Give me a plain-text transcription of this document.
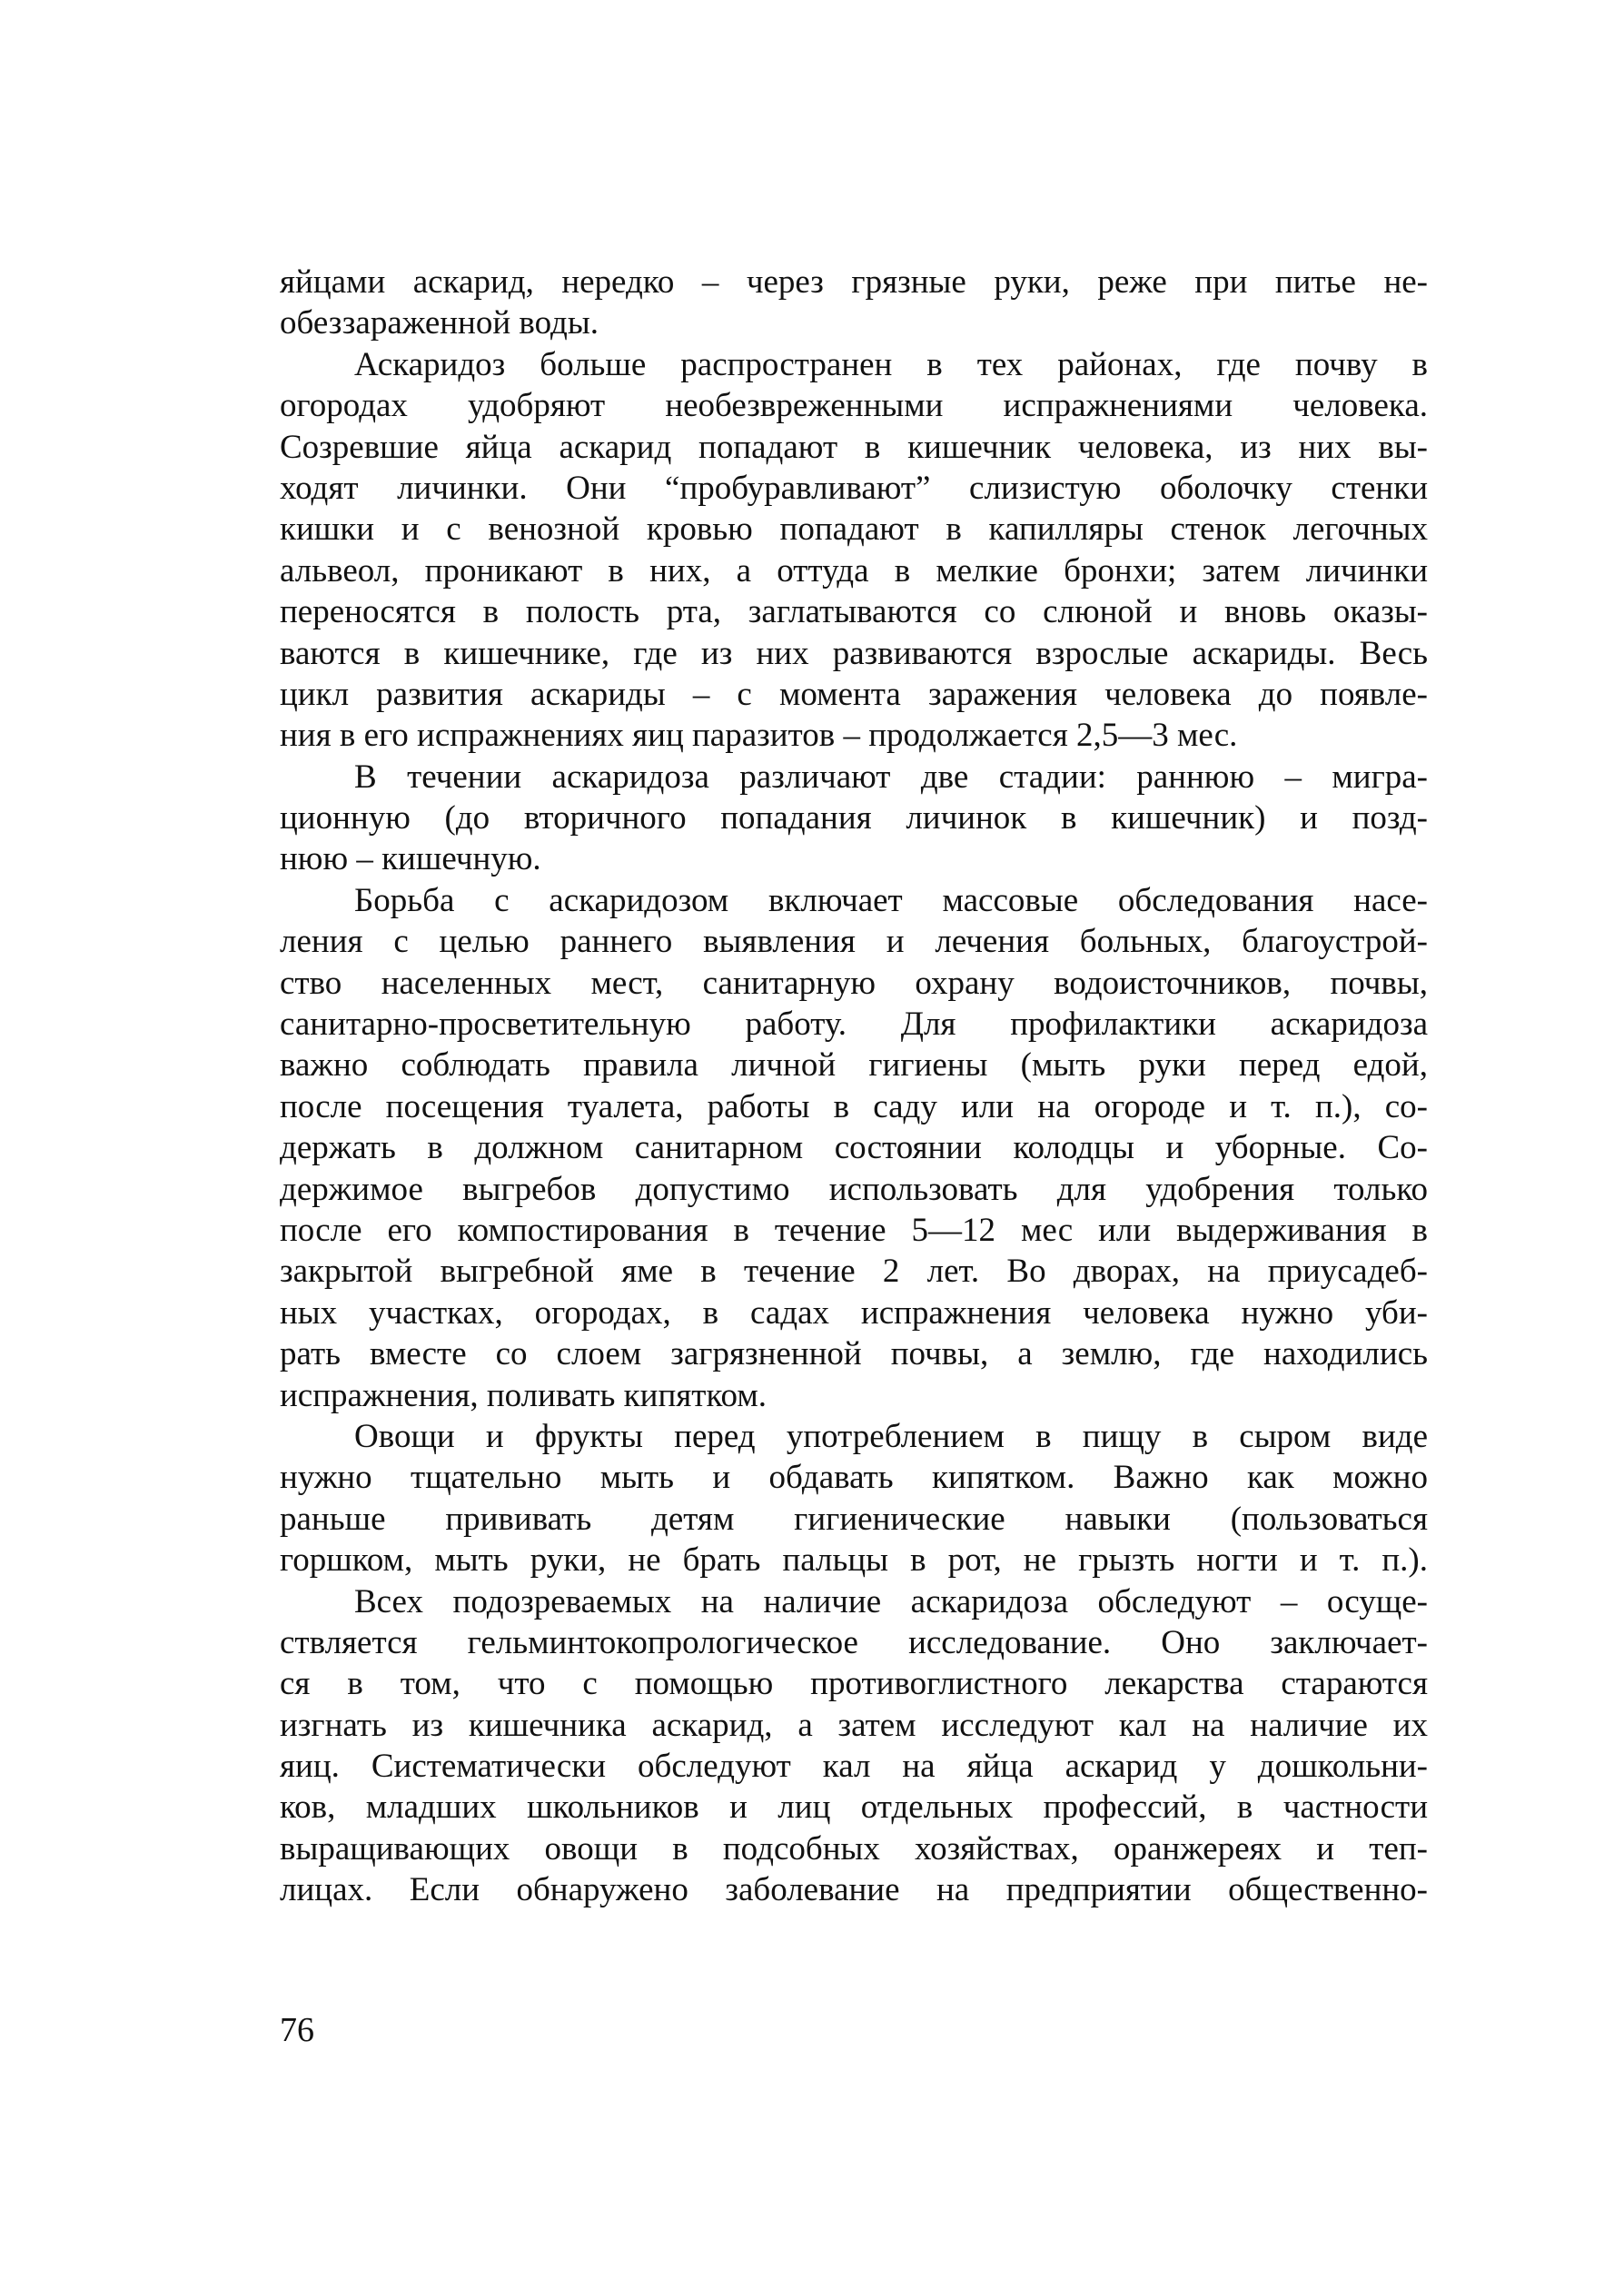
яйцами аскарид, нередко – через грязные руки, реже при питье не-
обеззараженной воды.
Аскаридоз больше распространен в тех районах, где почву в
огородах удобряют необезвреженными испражнениями человека.
Созревшие яйца аскарид попадают в кишечник человека, из них вы-
ходят личинки. Они “пробуравливают” слизистую оболочку стенки
кишки и с венозной кровью попадают в капилляры стенок легочных
альвеол, проникают в них, а оттуда в мелкие бронхи; затем личинки
переносятся в полость рта, заглатываются со слюной и вновь оказы-
ваются в кишечнике, где из них развиваются взрослые аскариды. Весь
цикл развития аскариды – с момента заражения человека до появле-
ния в его испражнениях яиц паразитов – продолжается 2,5—3 мес.
В течении аскаридоза различают две стадии: раннюю – мигра-
ционную (до вторичного попадания личинок в кишечник) и позд-
нюю – кишечную.
Борьба с аскаридозом включает массовые обследования насе-
ления с целью раннего выявления и лечения больных, благоустрой-
ство населенных мест, санитарную охрану водоисточников, почвы,
санитарно-просветительную работу. Для профилактики аскаридоза
важно соблюдать правила личной гигиены (мыть руки перед едой,
после посещения туалета, работы в саду или на огороде и т. п.), со-
держать в должном санитарном состоянии колодцы и уборные. Со-
держимое выгребов допустимо использовать для удобрения только
после его компостирования в течение 5—12 мес или выдерживания в
закрытой выгребной яме в течение 2 лет. Во дворах, на приусадеб-
ных участках, огородах, в садах испражнения человека нужно уби-
рать вместе со слоем загрязненной почвы, а землю, где находились
испражнения, поливать кипятком.
Овощи и фрукты перед употреблением в пищу в сыром виде
нужно тщательно мыть и обдавать кипятком. Важно как можно
раньше прививать детям гигиенические навыки (пользоваться
горшком, мыть руки, не брать пальцы в рот, не грызть ногти и т. п.).
Всех подозреваемых на наличие аскаридоза обследуют – осуще-
ствляется гельминтокопрологическое исследование. Оно заключает-
ся в том, что с помощью противоглистного лекарства стараются
изгнать из кишечника аскарид, а затем исследуют кал на наличие их
яиц. Систематически обследуют кал на яйца аскарид у дошкольни-
ков, младших школьников и лиц отдельных профессий, в частности
выращивающих овощи в подсобных хозяйствах, оранжереях и теп-
лицах. Если обнаружено заболевание на предприятии общественно-
76
